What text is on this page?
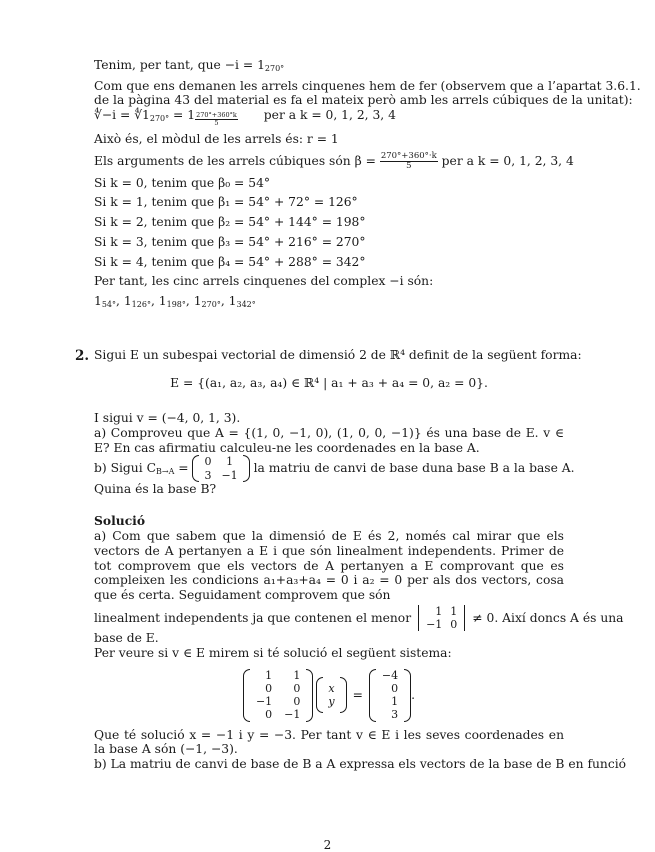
Tenim, per tant, que $-i = 1_{270^\circ}$
Com que ens demanen les arrels cinquenes hem de fer (observem que a l’apartat 3.6.1.
de la pàgina 43 del material es fa el mateix però amb les arrels cúbiques de la unitat):
∜−i = $∜1_{270^\circ} = 1 \frac{270^\circ+360^\circ k}{5}$ per a k = 0, 1, 2, 3, 4
Això és, el mòdul de les arrels és: r = 1
Els arguments de les arrels cúbiques són $\beta = \frac{270^\circ+360^\circ\cdot k}{5}$ per a k = 0, 1, 2, 3, 4
Si k = 0, tenim que β₀ = 54°
Si k = 1, tenim que β₁ = 54° + 72° = 126°
Si k = 2, tenim que β₂ = 54° + 144° = 198°
Si k = 3, tenim que β₃ = 54° + 216° = 270°
Si k = 4, tenim que β₄ = 54° + 288° = 342°
Per tant, les cinc arrels cinquenes del complex −i són:
$1_{54^\circ}$, $1_{126^\circ}$, $1_{198^\circ}$, $1_{270^\circ}$, $1_{342^\circ}$
2. Sigui E un subespai vectorial de dimensió 2 de ℝ⁴ definit de la següent forma:
E = {(a₁, a₂, a₃, a₄) ∈ ℝ⁴ | a₁ + a₃ + a₄ = 0, a₂ = 0}.
I sigui v = (−4, 0, 1, 3).
a) Comproveu que A = {(1, 0, −1, 0), (1, 0, 0, −1)} és una base de E. v ∈ E? En cas afirmatiu calculeu-ne les coordenades en la base A.
b) Sigui $C_{B\to A} = 0$	1
3	−1 la matriu de canvi de base duna base B a la base A.
Quina és la base B?
Solució
a) Com que sabem que la dimensió de E és 2, només cal mirar que els vectors de A pertanyen a E i que són linealment independents. Primer de tot comprovem que els vectors de A pertanyen a E comprovant que es compleixen les condicions a₁+a₃+a₄ = 0 i a₂ = 0 per als dos vectors, cosa que és certa. Seguidament comprovem que són
linealment independents ja que contenen el menor 1	1
−1	0 ≠ 0. Així doncs A és una
base de E.
Per veure si v ∈ E mirem si té solució el següent sistema:
1	1
0	0
−1	0
0	−1
x
y =
−4
0
1
3
.
Que té solució x = −1 i y = −3. Per tant v ∈ E i les seves coordenades en la base A són (−1, −3).
b) La matriu de canvi de base de B a A expressa els vectors de la base de B en funció
2
